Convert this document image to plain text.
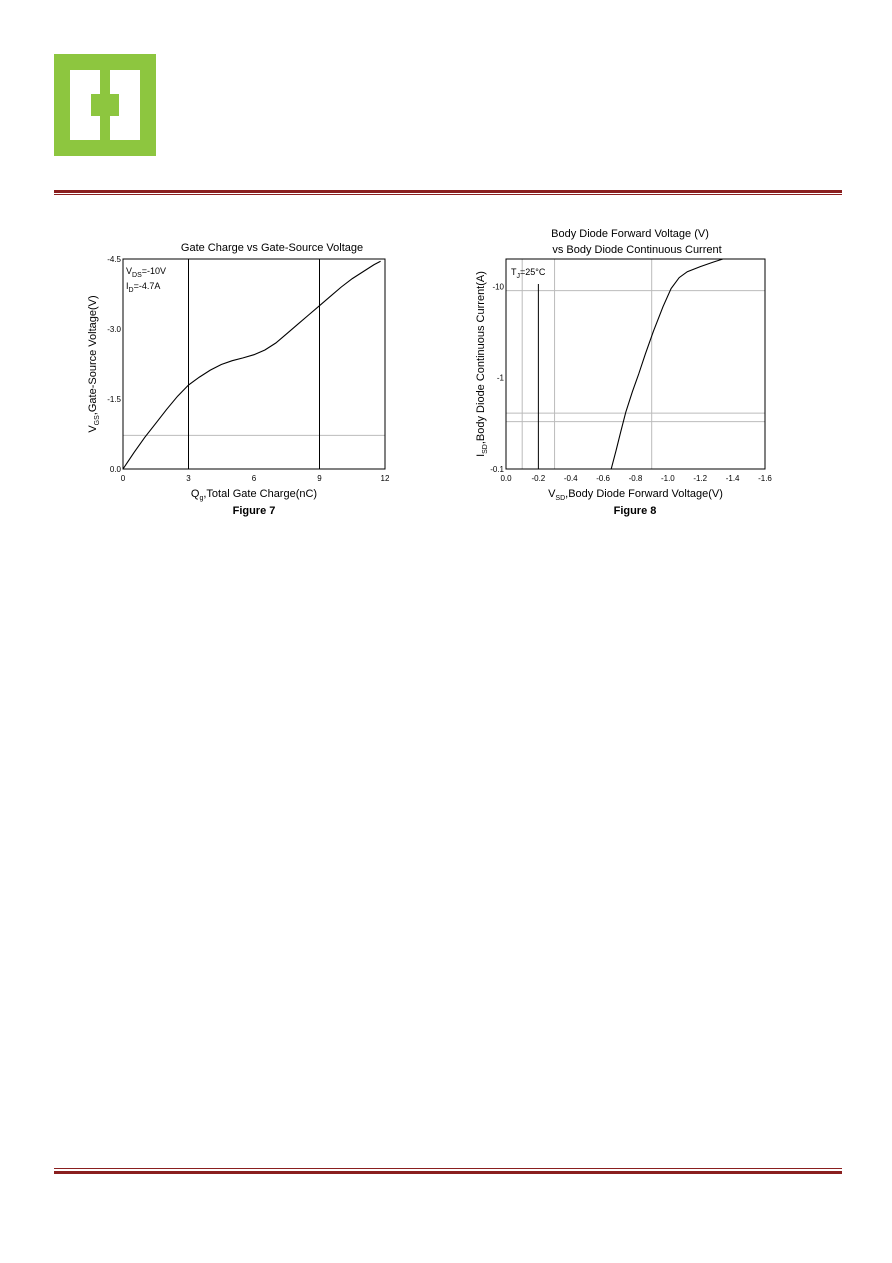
Gate Charge vs Gate-Source Voltage
0	3	6	9	12
0.0
-1.5
-3.0
-4.5
$Q_g,Total$ Gate Charge(nC)
$V_{GS},Gate$-Source Voltage(V)
$V_{DS}=-10V$
$I_D=-4.7A$
Body Diode Forward Voltage (V)
vs Body Diode Continuous Current
0.0 -0.2 -0.4 -0.6 -0.8 -1.0 -1.2 -1.4 -1.6
-10
-1
-0.1
$V_{SD},Body$ Diode Forward Voltage(V)
$I_{SD},Body$ Diode Continuous Current(A)	$T_J=25^\circ C$
Figure 7	Figure 8
